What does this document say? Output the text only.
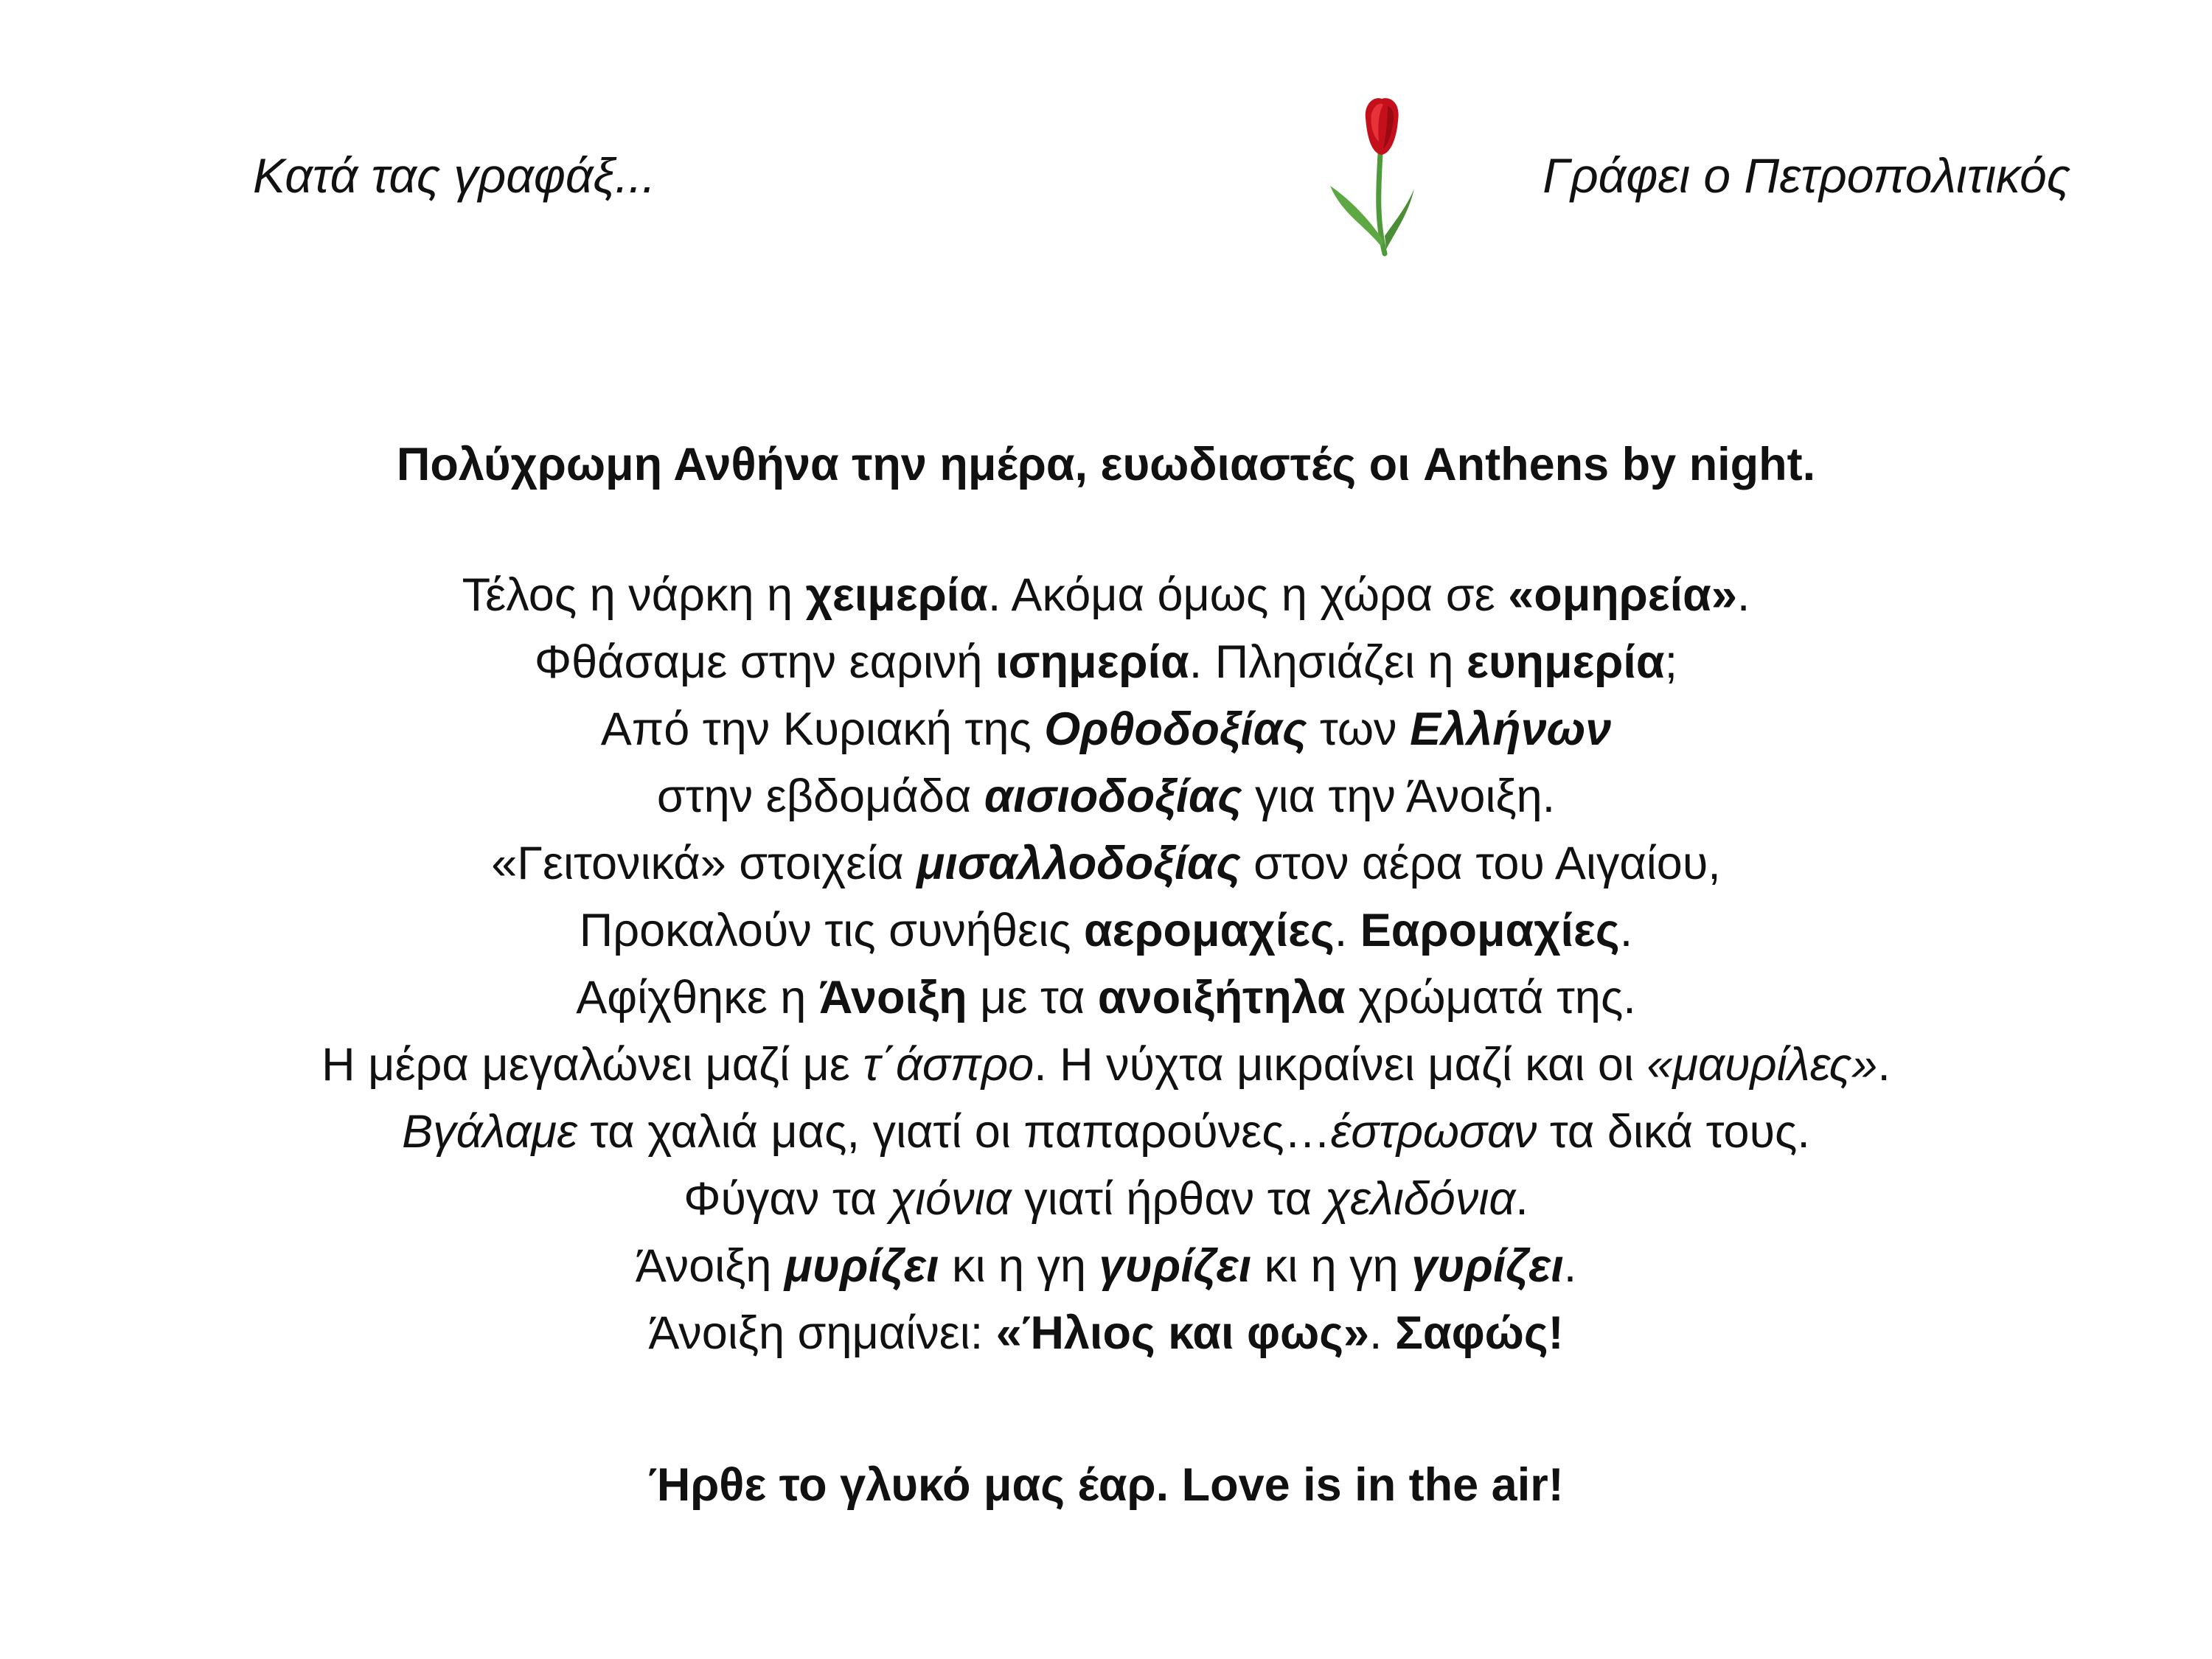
Κατά τας γραφάξ...	Γράφει ο Πετροπολιτικός

Πολύχρωμη Ανθήνα την ημέρα, ευωδιαστές οι Anthens by night.

Τέλος η νάρκη η χειμερία. Ακόμα όμως η χώρα σε «ομηρεία».

Φθάσαμε στην εαρινή ισημερία. Πλησιάζει η ευημερία;

Από την Κυριακή της Ορθοδοξίας των Ελλήνων

στην εβδομάδα αισιοδοξίας για την Άνοιξη.

«Γειτονικά» στοιχεία μισαλλοδοξίας στον αέρα του Αιγαίου,

Προκαλούν τις συνήθεις αερομαχίες. Εαρομαχίες.

Αφίχθηκε η Άνοιξη με τα ανοιξήτηλα χρώματά της.

Η μέρα μεγαλώνει μαζί με τ΄άσπρο. Η νύχτα μικραίνει μαζί και οι «μαυρίλες».

Βγάλαμε τα χαλιά μας, γιατί οι παπαρούνες…έστρωσαν τα δικά τους.

Φύγαν τα χιόνια γιατί ήρθαν τα χελιδόνια.

Άνοιξη μυρίζει κι η γη γυρίζει κι η γη γυρίζει.

Άνοιξη σημαίνει: «Ήλιος και φως». Σαφώς!

Ήρθε το γλυκό μας έαρ. Love is in the air!
